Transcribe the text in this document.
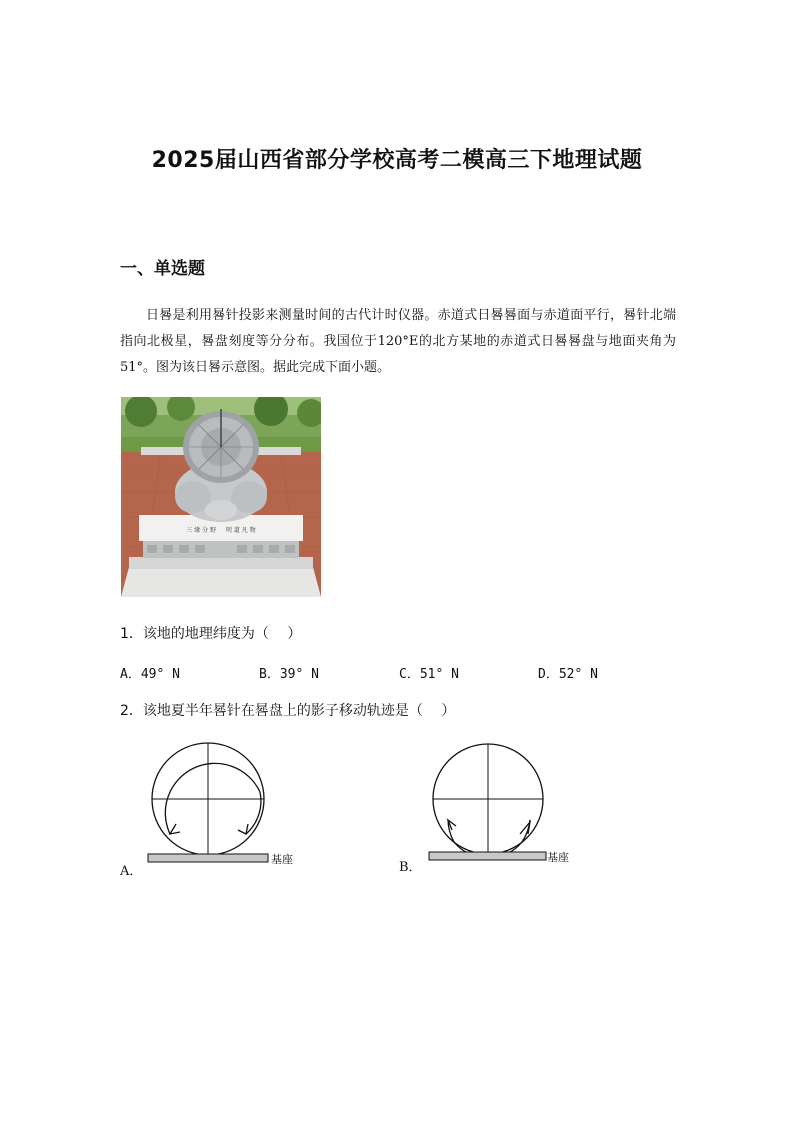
2025届山西省部分学校高考二模高三下地理试题
一、单选题
日晷是利用晷针投影来测量时间的古代计时仪器。赤道式日晷晷面与赤道面平行，晷针北端指向北极星，晷盘刻度等分分布。我国位于120°E的北方某地的赤道式日晷晷盘与地面夹角为51°。图为该日晷示意图。据此完成下面小题。
三 缘 分 野 　 明 道 凡 物
1．该地的地理纬度为（　 ）
A．49° N	B．39° N	C．51° N	D．52° N
2．该地夏半年晷针在晷盘上的影子移动轨迹是（　 ）
A．
基座
B．
基座
